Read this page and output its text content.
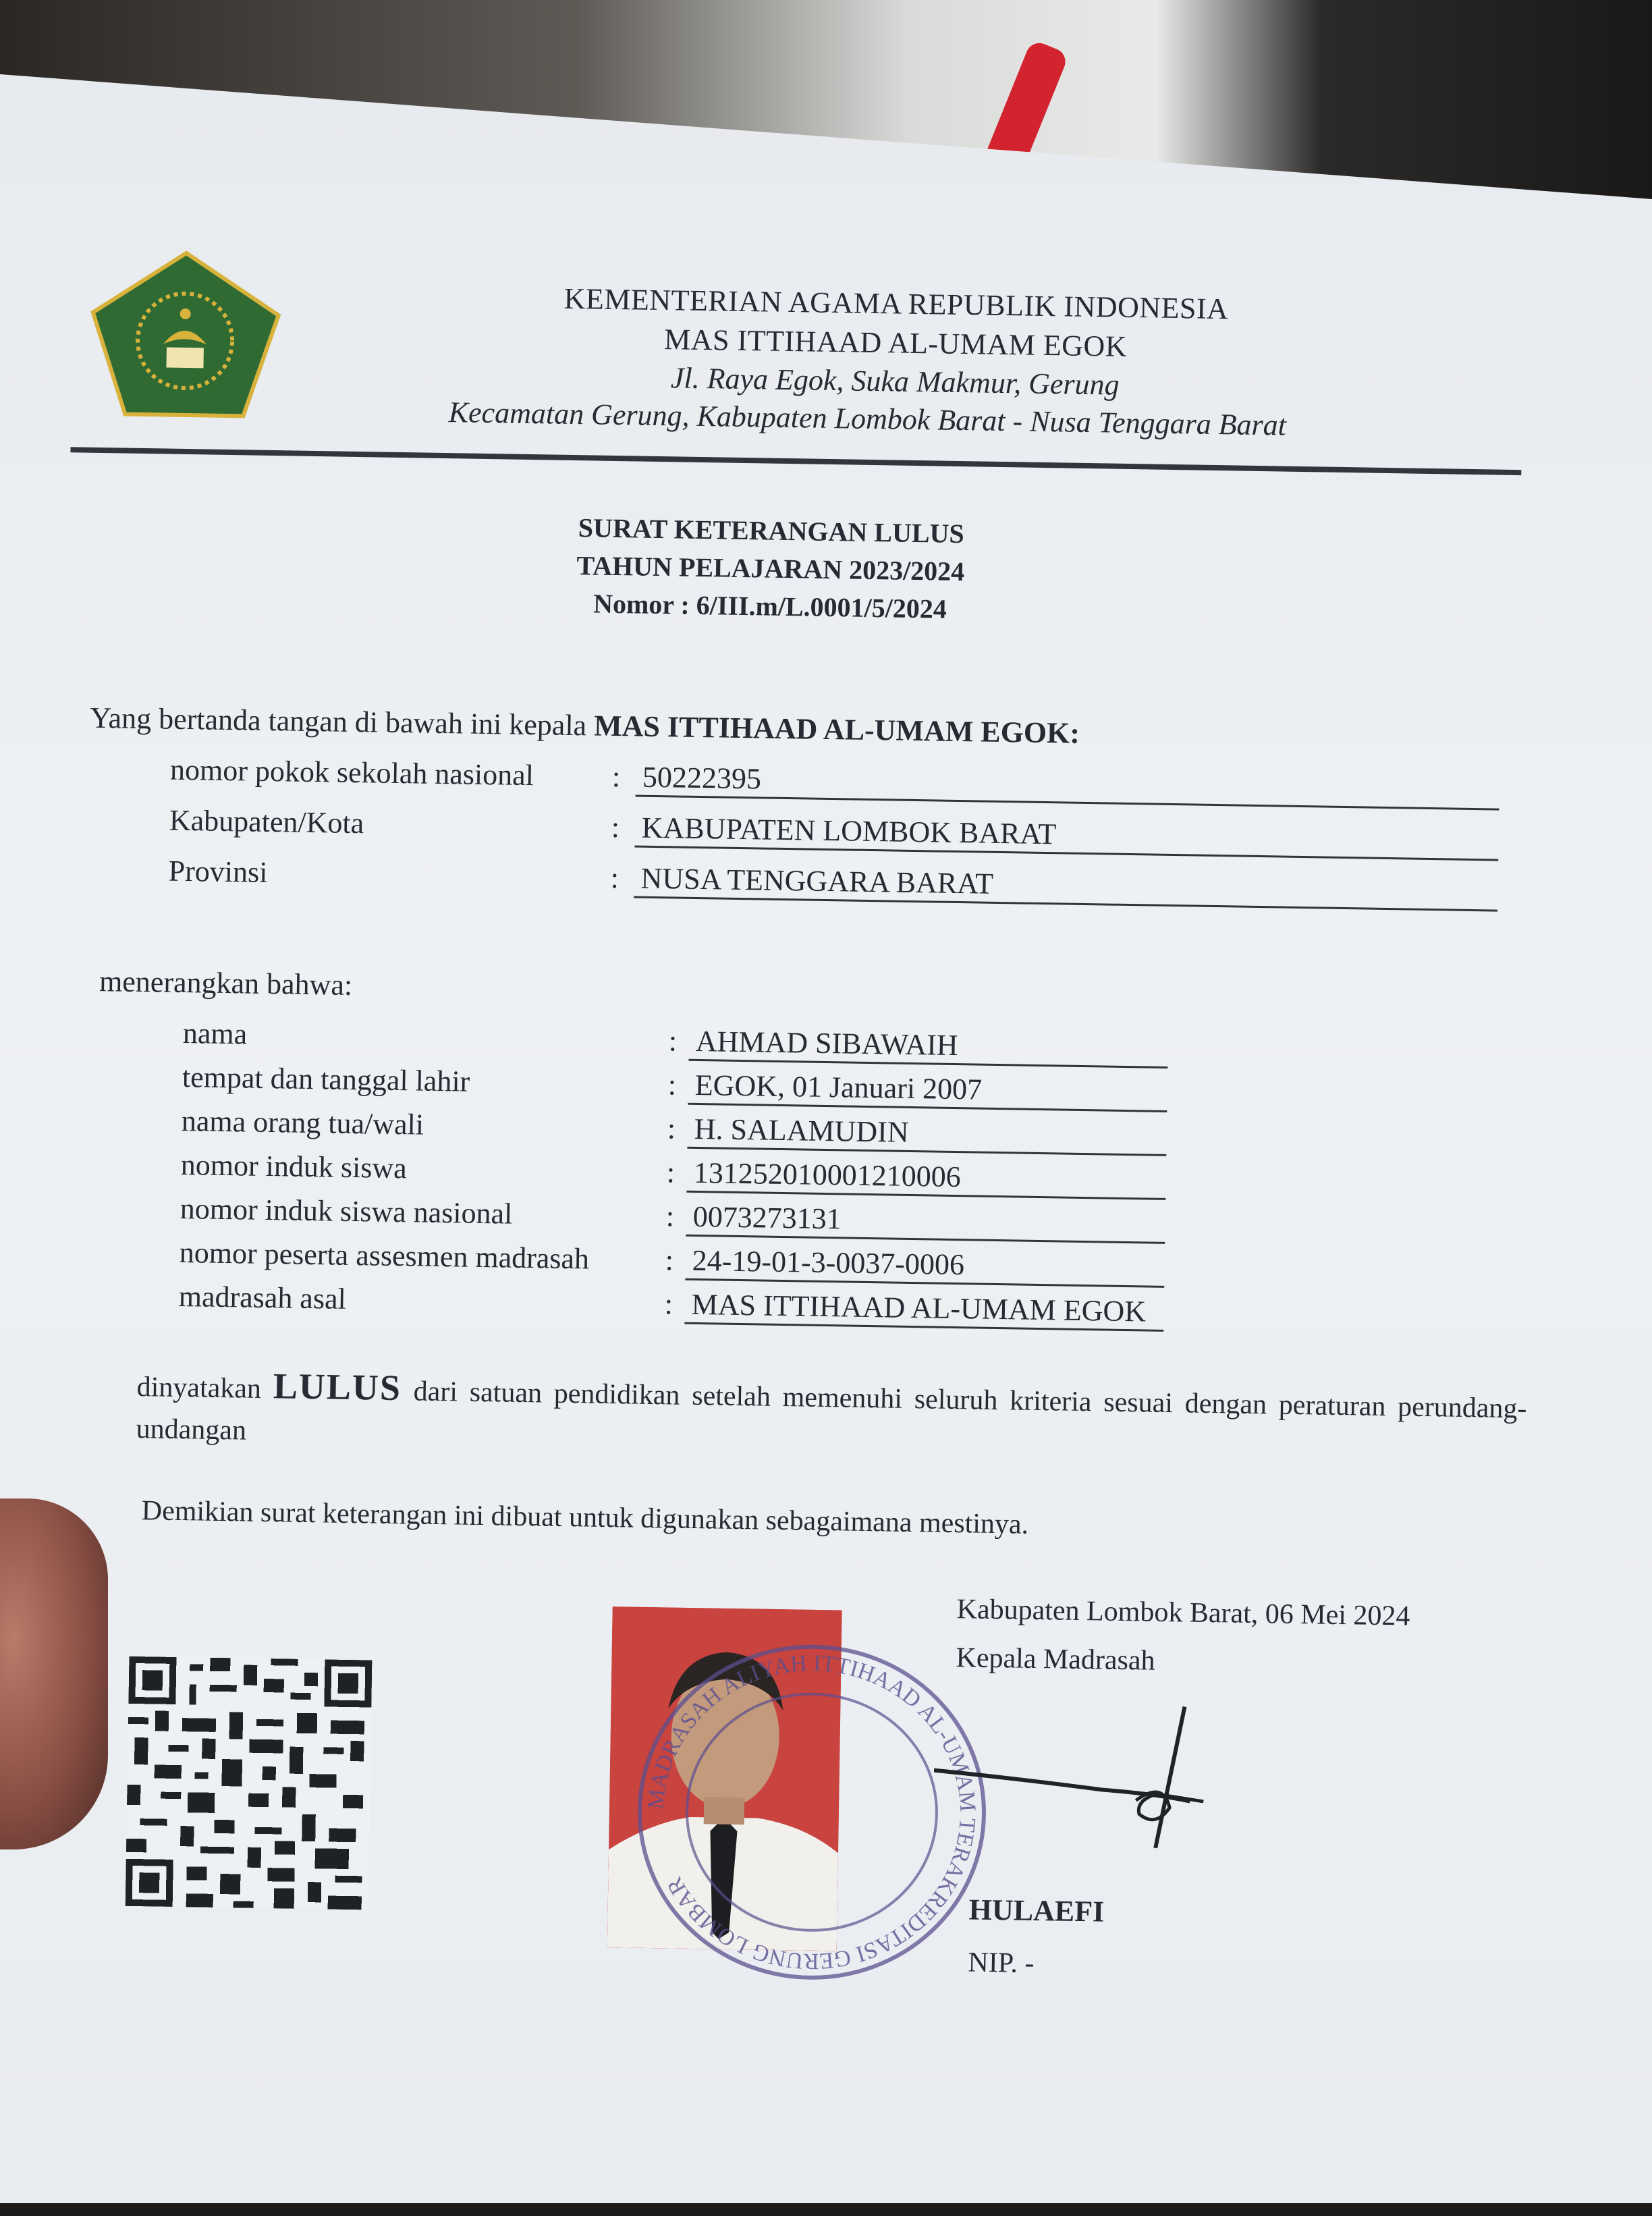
KEMENTERIAN AGAMA REPUBLIK INDONESIA
MAS ITTIHAAD AL-UMAM EGOK
Jl. Raya Egok, Suka Makmur, Gerung
Kecamatan Gerung, Kabupaten Lombok Barat - Nusa Tenggara Barat
SURAT KETERANGAN LULUS
TAHUN PELAJARAN 2023/2024
Nomor : 6/III.m/L.0001/5/2024
Yang bertanda tangan di bawah ini kepala MAS ITTIHAAD AL-UMAM EGOK:
nomor pokok sekolah nasional	: 50222395
Kabupaten/Kota	: KABUPATEN LOMBOK BARAT
Provinsi	: NUSA TENGGARA BARAT
menerangkan bahwa:
nama	: AHMAD SIBAWAIH
tempat dan tanggal lahir	: EGOK, 01 Januari 2007
nama orang tua/wali	: H. SALAMUDIN
nomor induk siswa	: 131252010001210006
nomor induk siswa nasional	: 0073273131
nomor peserta assesmen madrasah	: 24-19-01-3-0037-0006
madrasah asal	: MAS ITTIHAAD AL-UMAM EGOK
dinyatakan LULUS dari satuan pendidikan setelah memenuhi seluruh kriteria sesuai dengan peraturan perundang-undangan
Demikian surat keterangan ini dibuat untuk digunakan sebagaimana mestinya.
Kabupaten Lombok Barat, 06 Mei 2024
Kepala Madrasah
MADRASAH ALIYAH ITTIHAAD AL-UMAM TERAKREDITASI GERUNG LOMBAR
HULAEFI
NIP. -
